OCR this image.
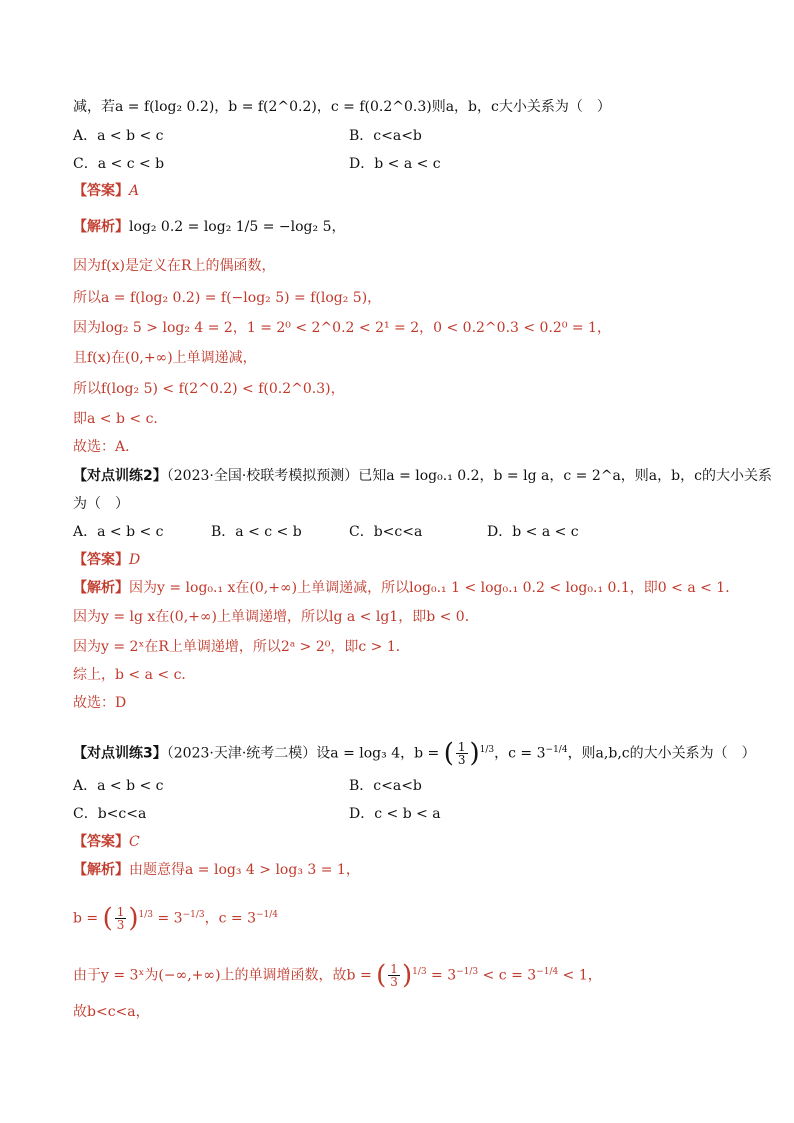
减，若a = f(log₂ 0.2)，b = f(2^0.2)，c = f(0.2^0.3)则a，b，c大小关系为（　）
A．a < b < c	B．c<a<b
C．a < c < b	D．b < a < c
【答案】A
【解析】log₂ 0.2 = log₂ 1/5 = −log₂ 5，
因为f(x)是定义在R上的偶函数，
所以a = f(log₂ 0.2) = f(−log₂ 5) = f(log₂ 5)，
因为log₂ 5 > log₂ 4 = 2，1 = 2⁰ < 2^0.2 < 2¹ = 2，0 < 0.2^0.3 < 0.2⁰ = 1，
且f(x)在(0,+∞)上单调递减，
所以f(log₂ 5) < f(2^0.2) < f(0.2^0.3)，
即a < b < c．
故选：A．
【对点训练2】（2023·全国·校联考模拟预测）已知a = log₀.₁ 0.2，b = lg a，c = 2^a，则a，b，c的大小关系
为（　）
A．a < b < c	B．a < c < b	C．b<c<a	D．b < a < c
【答案】D
【解析】因为y = log₀.₁ x在(0,+∞)上单调递减，所以log₀.₁ 1 < log₀.₁ 0.2 < log₀.₁ 0.1，即0 < a < 1．
因为y = lg x在(0,+∞)上单调递增，所以lg a < lg1，即b < 0．
因为y = 2ˣ在R上单调递增，所以2ᵃ > 2⁰，即c > 1．
综上，b < a < c．
故选：D
【对点训练3】（2023·天津·统考二模）设a = log₃ 4，b = ( $\frac{1}{3} )^{1/3}$，$c = 3^{-1/4}$，则a,b,c的大小关系为（　）
A．a < b < c	B．c<a<b
C．b<c<a	D．c < b < a
【答案】C
【解析】由题意得a = log₃ 4 > log₃ 3 = 1，
b = ( $\frac{1}{3} )^{1/3} = 3^{-1/3}$，$c = 3^{-1/4}$
由于y = 3ˣ为(−∞,+∞)上的单调增函数，故b = ( $\frac{1}{3} )^{1/3} = 3^{-1/3} < c = 3^{-1/4} < 1$，
故b<c<a，
